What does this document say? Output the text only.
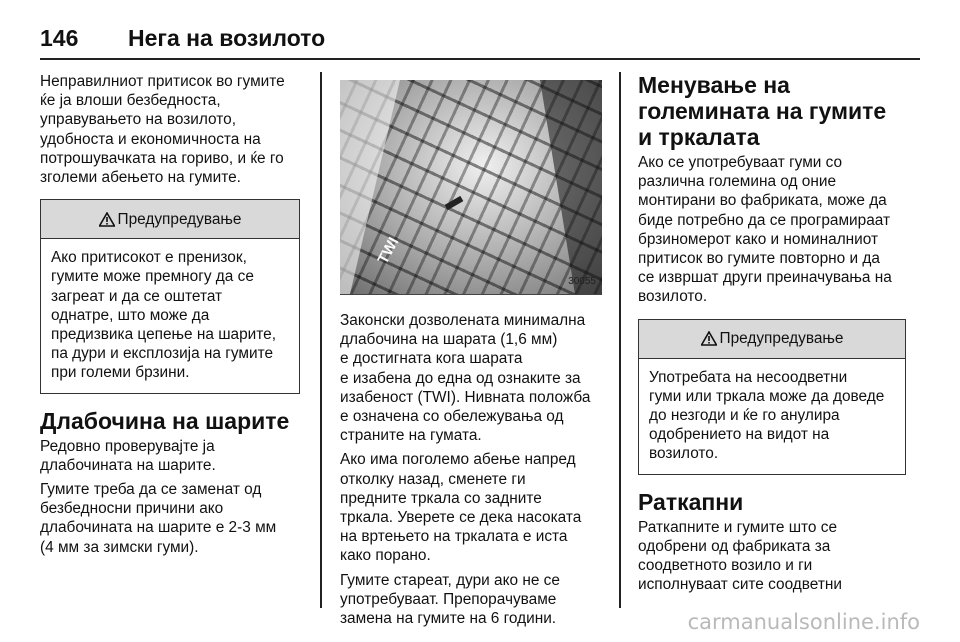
146	Нега на возилото

Неправилниот притисок во гумите
ќе ја влоши безбедноста,
управувањето на возилото,
удобноста и економичноста на
потрошувачката на гориво, и ќе го
зголеми абењето на гумите.

Предупредување
Ако притисокот е пренизок,
гумите може премногу да се
загреат и да се оштетат
однатре, што може да
предизвика цепење на шарите,
па дури и експлозија на гумите
при големи брзини.
Длабочина на шарите

Редовно проверувајте ја
длабочината на шарите.

Гумите треба да се заменат од
безбедносни причини ако
длабочината на шарите е 2-3 мм
(4 мм за зимски гуми).

TWI
30055

Законски дозволената минимална
длабочина на шарата (1,6 мм)
е достигната кога шарата
е изабена до една од ознаките за
изабеност (TWI). Нивната положба
е означена со обележувања од
страните на гумата.

Ако има поголемо абење напред
отколку назад, сменете ги
предните тркала со задните
тркала. Уверете се дека насоката
на вртењето на тркалата е иста
како порано.

Гумите стареат, дури ако не се
употребуваат. Препорачуваме
замена на гумите на 6 години.

Менување на
големината на гумите
и тркалата

Ако се употребуваат гуми со
различна големина од оние
монтирани во фабриката, може да
биде потребно да се програмираат
брзиномерот како и номиналниот
притисок во гумите повторно и да
се извршат други преиначувања на
возилото.

Предупредување
Употребата на несоодветни
гуми или тркала може да доведе
до незгоди и ќе го анулира
одобрението на видот на
возилото.
Раткапни

Раткапните и гумите што се
одобрени од фабриката за
соодветното возило и ги
исполнуваат сите соодветни

carmanualsonline.info
